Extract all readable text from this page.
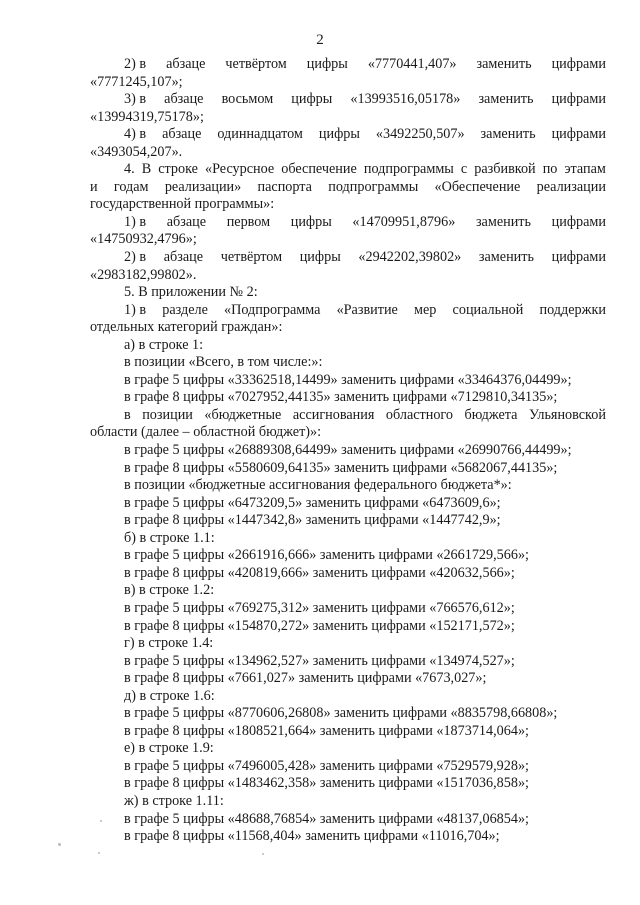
2
2) в абзаце четвёртом цифры «7770441,407» заменить цифрами
«7771245,107»;
3) в абзаце восьмом цифры «13993516,05178» заменить цифрами
«13994319,75178»;
4) в абзаце одиннадцатом цифры «3492250,507» заменить цифрами
«3493054,207».
4. В строке «Ресурсное обеспечение подпрограммы с разбивкой по этапам
и годам реализации» паспорта подпрограммы «Обеспечение реализации
государственной программы»:
1) в абзаце первом цифры «14709951,8796» заменить цифрами
«14750932,4796»;
2) в абзаце четвёртом цифры «2942202,39802» заменить цифрами
«2983182,99802».
5. В приложении № 2:
1) в разделе «Подпрограмма «Развитие мер социальной поддержки
отдельных категорий граждан»:
а) в строке 1:
в позиции «Всего, в том числе:»:
в графе 5 цифры «33362518,14499» заменить цифрами «33464376,04499»;
в графе 8 цифры «7027952,44135» заменить цифрами «7129810,34135»;
в позиции «бюджетные ассигнования областного бюджета Ульяновской
области (далее – областной бюджет)»:
в графе 5 цифры «26889308,64499» заменить цифрами «26990766,44499»;
в графе 8 цифры «5580609,64135» заменить цифрами «5682067,44135»;
в позиции «бюджетные ассигнования федерального бюджета*»:
в графе 5 цифры «6473209,5» заменить цифрами «6473609,6»;
в графе 8 цифры «1447342,8» заменить цифрами «1447742,9»;
б) в строке 1.1:
в графе 5 цифры «2661916,666» заменить цифрами «2661729,566»;
в графе 8 цифры «420819,666» заменить цифрами «420632,566»;
в) в строке 1.2:
в графе 5 цифры «769275,312» заменить цифрами «766576,612»;
в графе 8 цифры «154870,272» заменить цифрами «152171,572»;
г) в строке 1.4:
в графе 5 цифры «134962,527» заменить цифрами «134974,527»;
в графе 8 цифры «7661,027» заменить цифрами «7673,027»;
д) в строке 1.6:
в графе 5 цифры «8770606,26808» заменить цифрами «8835798,66808»;
в графе 8 цифры «1808521,664» заменить цифрами «1873714,064»;
е) в строке 1.9:
в графе 5 цифры «7496005,428» заменить цифрами «7529579,928»;
в графе 8 цифры «1483462,358» заменить цифрами «1517036,858»;
ж) в строке 1.11:
в графе 5 цифры «48688,76854» заменить цифрами «48137,06854»;
в графе 8 цифры «11568,404» заменить цифрами «11016,704»;
